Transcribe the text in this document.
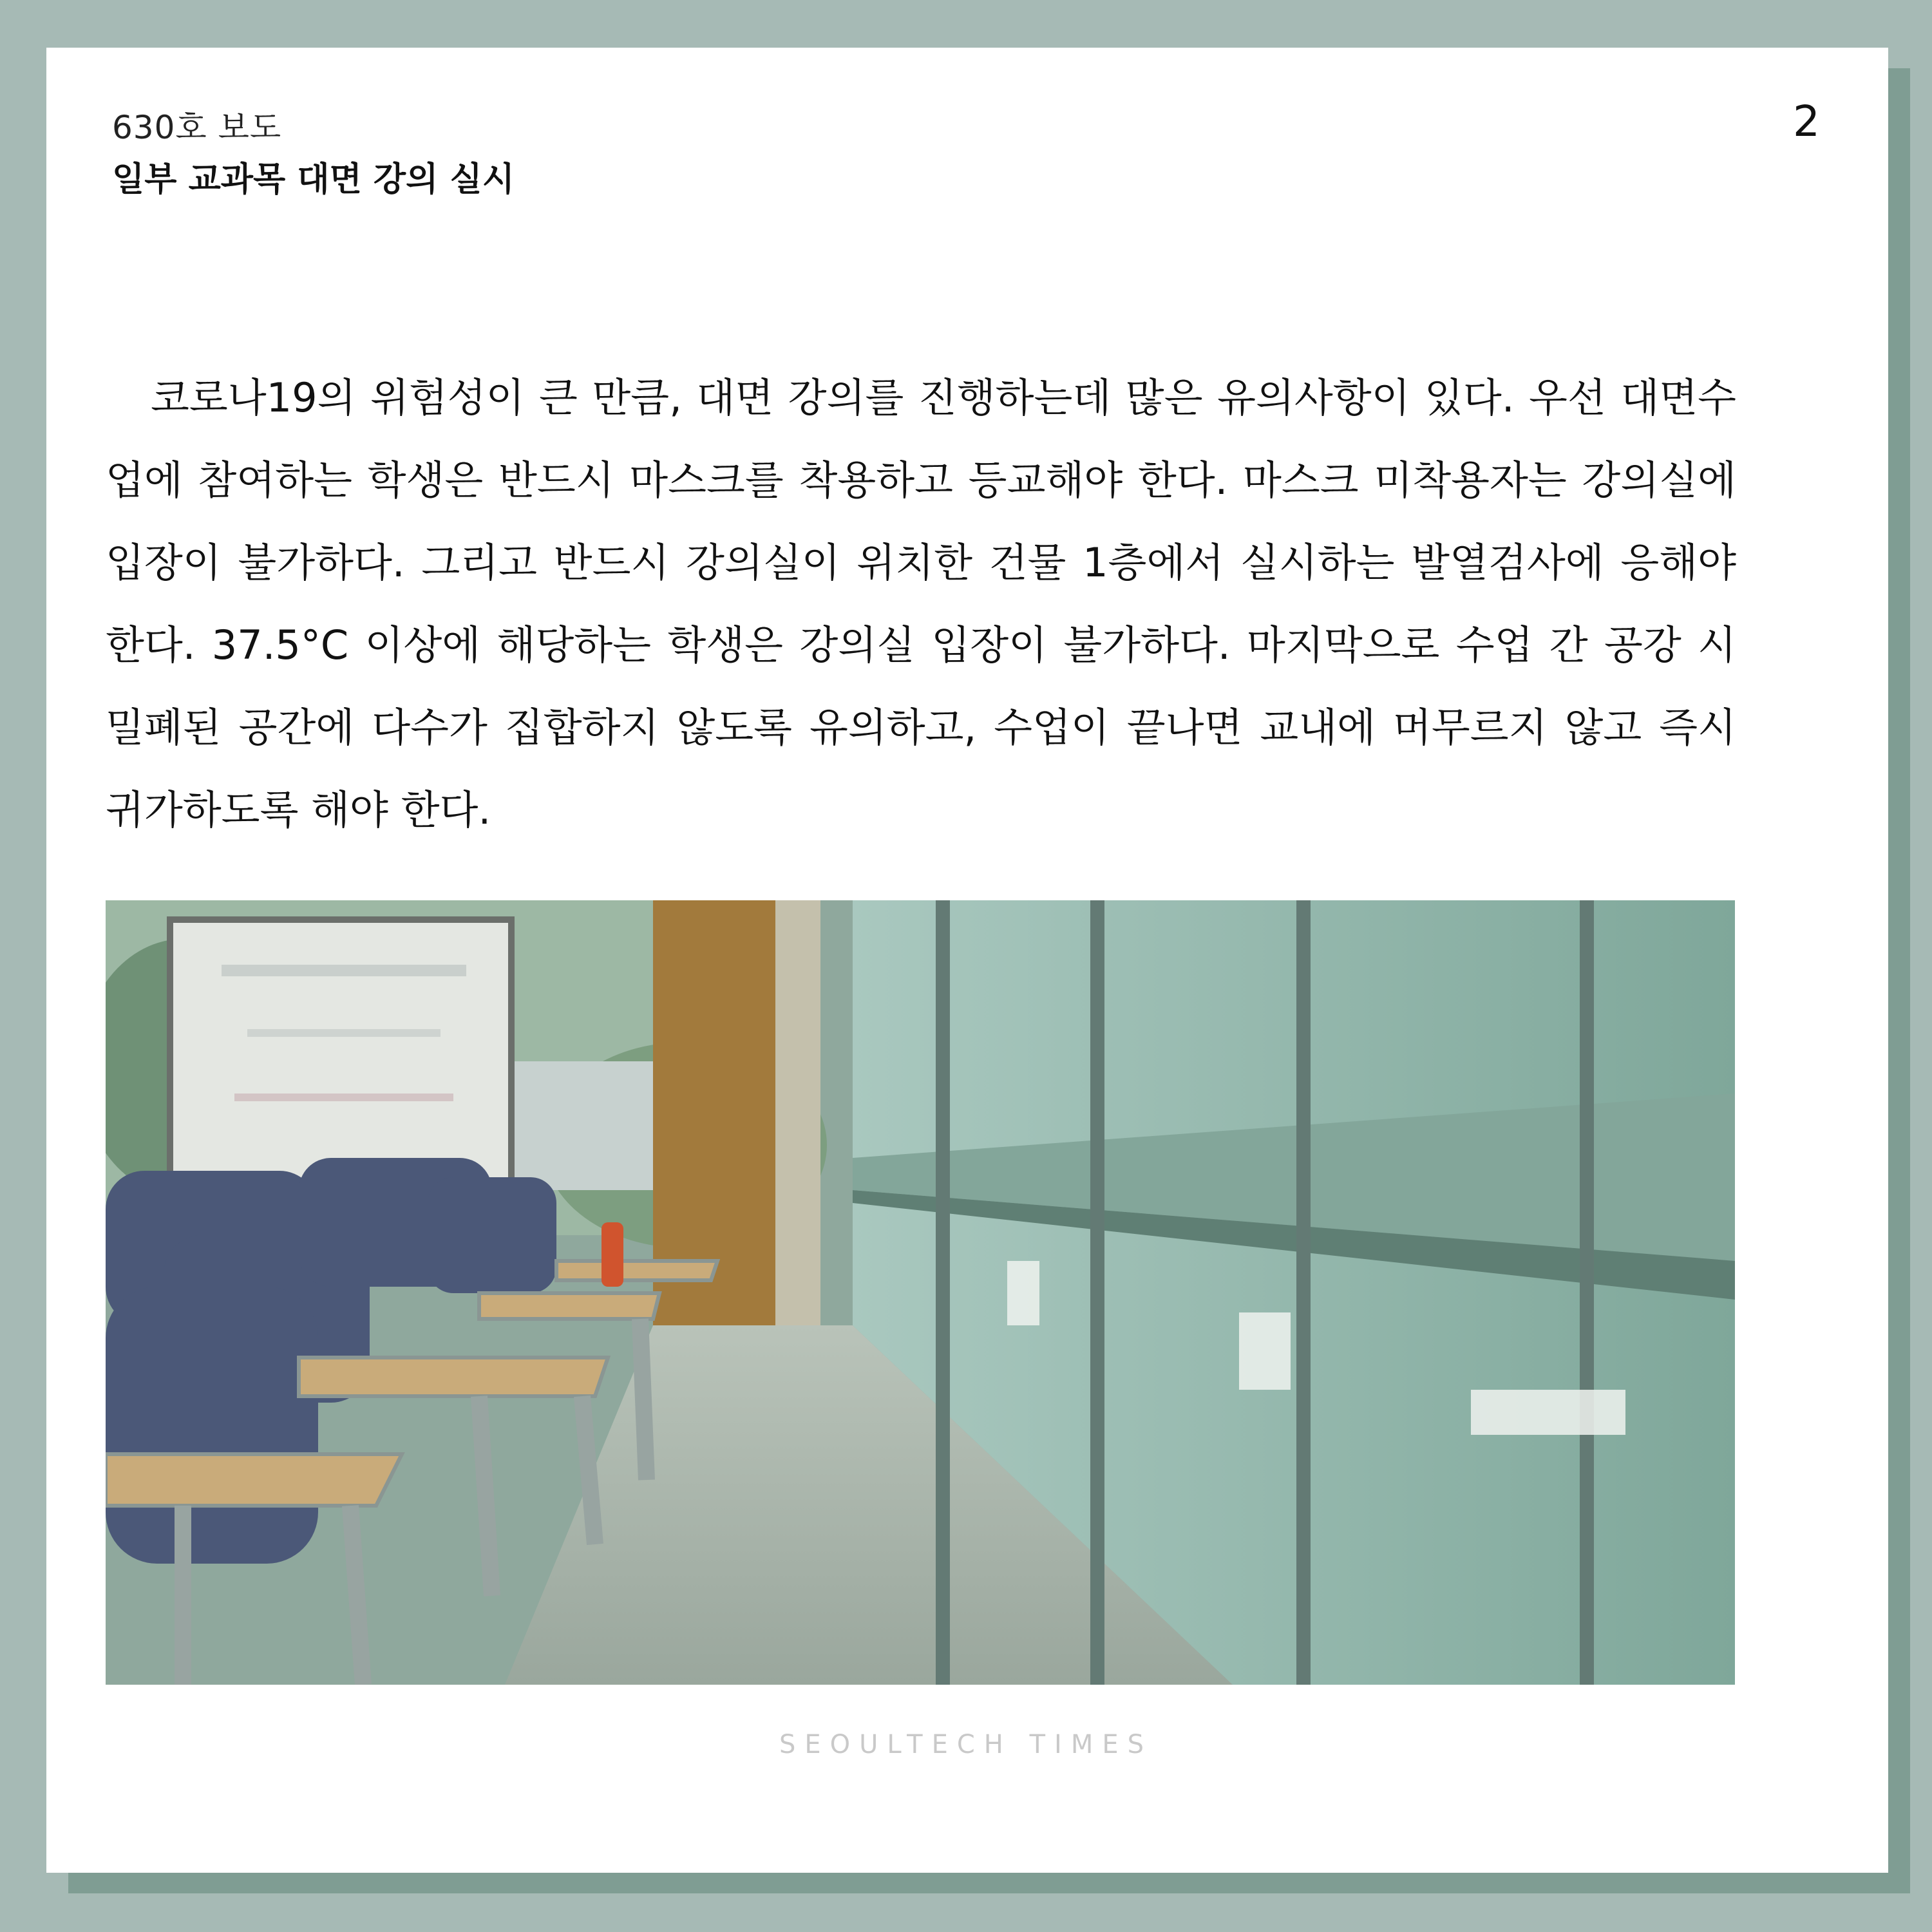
630호 보도
일부 교과목 대면 강의 실시
2

코로나19의 위험성이 큰 만큼, 대면 강의를 진행하는데 많은 유의사항이 있다. 우선 대면수업에 참여하는 학생은 반드시 마스크를 착용하고 등교해야 한다. 마스크 미착용자는 강의실에 입장이 불가하다. 그리고 반드시 강의실이 위치한 건물 1층에서 실시하는 발열검사에 응해야 한다. 37.5°C 이상에 해당하는 학생은 강의실 입장이 불가하다. 마지막으로 수업 간 공강 시 밀폐된 공간에 다수가 집합하지 않도록 유의하고, 수업이 끝나면 교내에 머무르지 않고 즉시 귀가하도록 해야 한다.

SEOULTECH TIMES
